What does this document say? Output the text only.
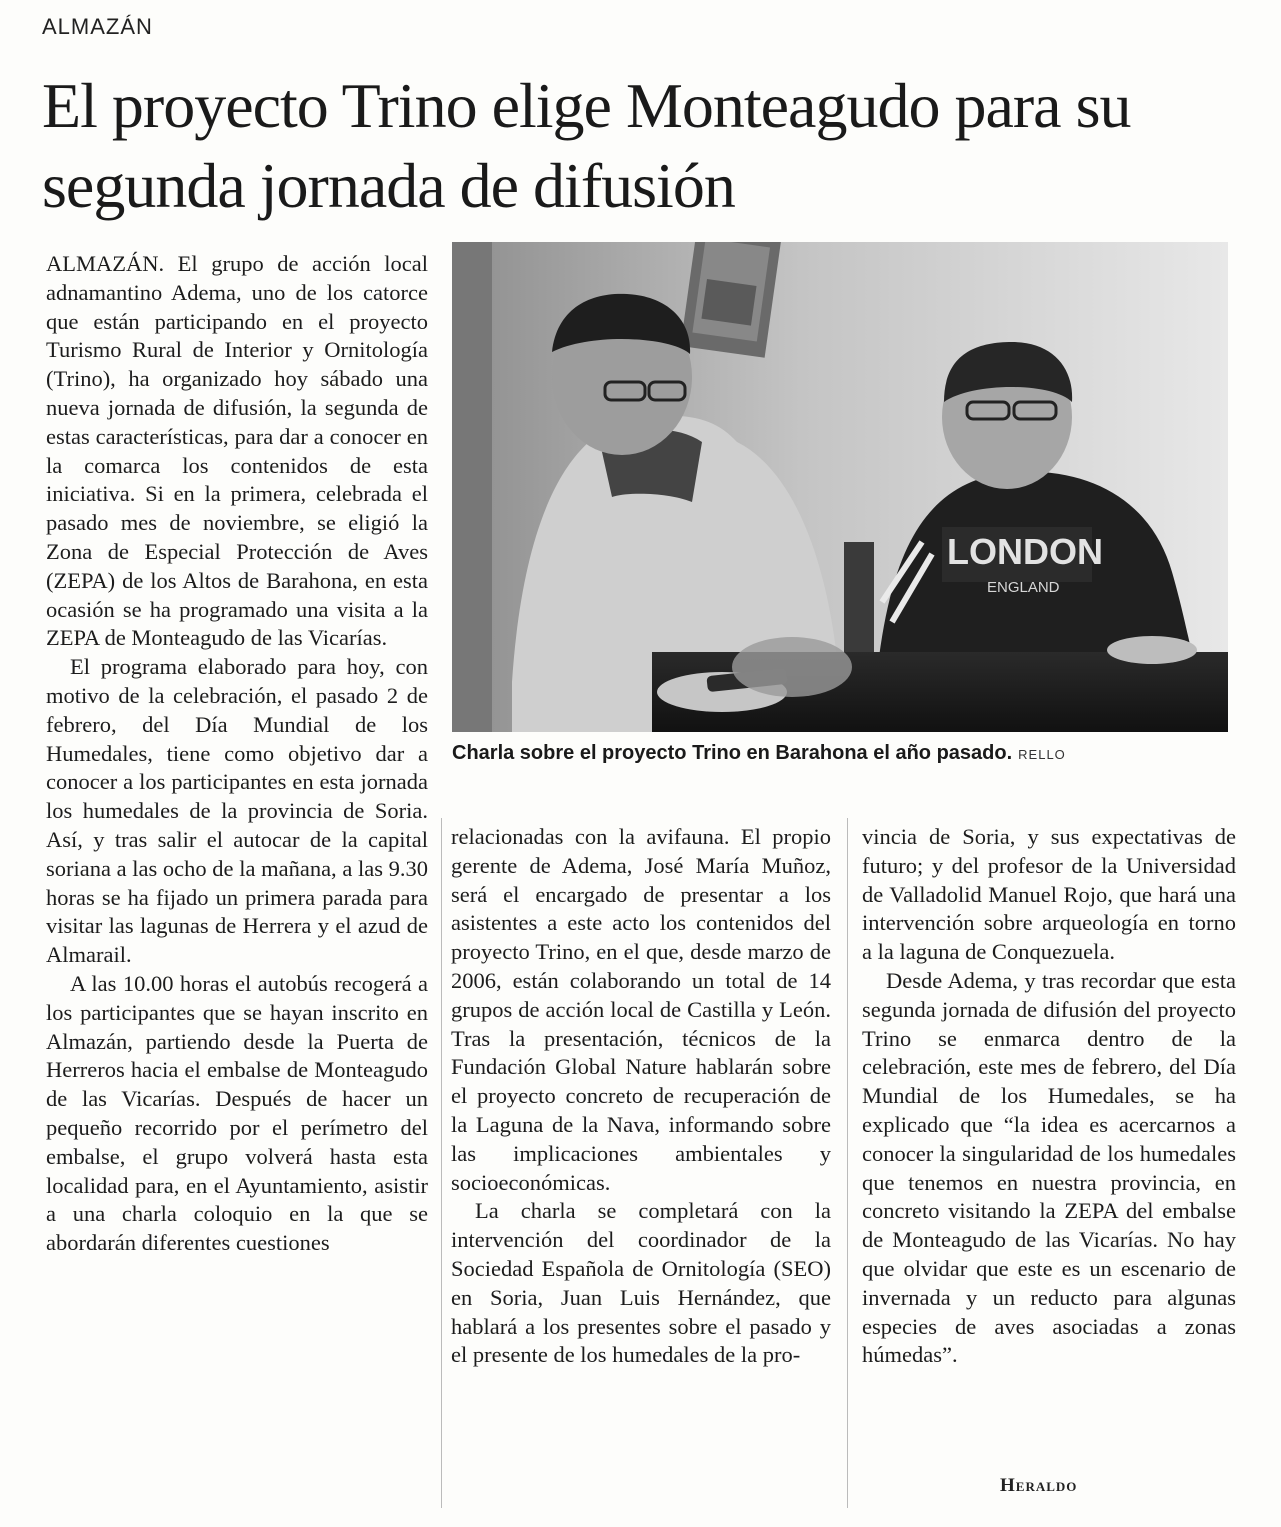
ALMAZÁN
El proyecto Trino elige Monteagudo para su segunda jornada de difusión

ALMAZÁN. El grupo de acción local adnamantino Adema, uno de los catorce que están participando en el proyecto Turismo Rural de Interior y Ornitología (Trino), ha organizado hoy sábado una nueva jornada de difusión, la segunda de estas características, para dar a conocer en la comarca los contenidos de esta iniciativa. Si en la primera, celebrada el pasado mes de noviembre, se eligió la Zona de Especial Protección de Aves (ZEPA) de los Altos de Barahona, en esta ocasión se ha programado una visita a la ZEPA de Monteagudo de las Vicarías.

El programa elaborado para hoy, con motivo de la celebración, el pasado 2 de febrero, del Día Mundial de los Humedales, tiene como objetivo dar a conocer a los participantes en esta jornada los humedales de la provincia de Soria. Así, y tras salir el autocar de la capital soriana a las ocho de la mañana, a las 9.30 horas se ha fijado un primera parada para visitar las lagunas de Herrera y el azud de Almarail.

A las 10.00 horas el autobús recogerá a los participantes que se hayan inscrito en Almazán, partiendo desde la Puerta de Herreros hacia el embalse de Monteagudo de las Vicarías. Después de hacer un pequeño recorrido por el perímetro del embalse, el grupo volverá hasta esta localidad para, en el Ayuntamiento, asistir a una charla coloquio en la que se abordarán diferentes cuestiones

LONDON
ENGLAND
Charla sobre el proyecto Trino en Barahona el año pasado. RELLO

relacionadas con la avifauna. El propio gerente de Adema, José María Muñoz, será el encargado de presentar a los asistentes a este acto los contenidos del proyecto Trino, en el que, desde marzo de 2006, están colaborando un total de 14 grupos de acción local de Castilla y León. Tras la presentación, técnicos de la Fundación Global Nature hablarán sobre el proyecto concreto de recuperación de la Laguna de la Nava, informando sobre las implicaciones ambientales y socioeconómicas.

La charla se completará con la intervención del coordinador de la Sociedad Española de Ornitología (SEO) en Soria, Juan Luis Hernández, que hablará a los presentes sobre el pasado y el presente de los humedales de la pro-

vincia de Soria, y sus expectativas de futuro; y del profesor de la Universidad de Valladolid Manuel Rojo, que hará una intervención sobre arqueología en torno a la laguna de Conquezuela.

Desde Adema, y tras recordar que esta segunda jornada de difusión del proyecto Trino se enmarca dentro de la celebración, este mes de febrero, del Día Mundial de los Humedales, se ha explicado que “la idea es acercarnos a conocer la singularidad de los humedales que tenemos en nuestra provincia, en concreto visitando la ZEPA del embalse de Monteagudo de las Vicarías. No hay que olvidar que este es un escenario de invernada y un reducto para algunas especies de aves asociadas a zonas húmedas”.

Heraldo
